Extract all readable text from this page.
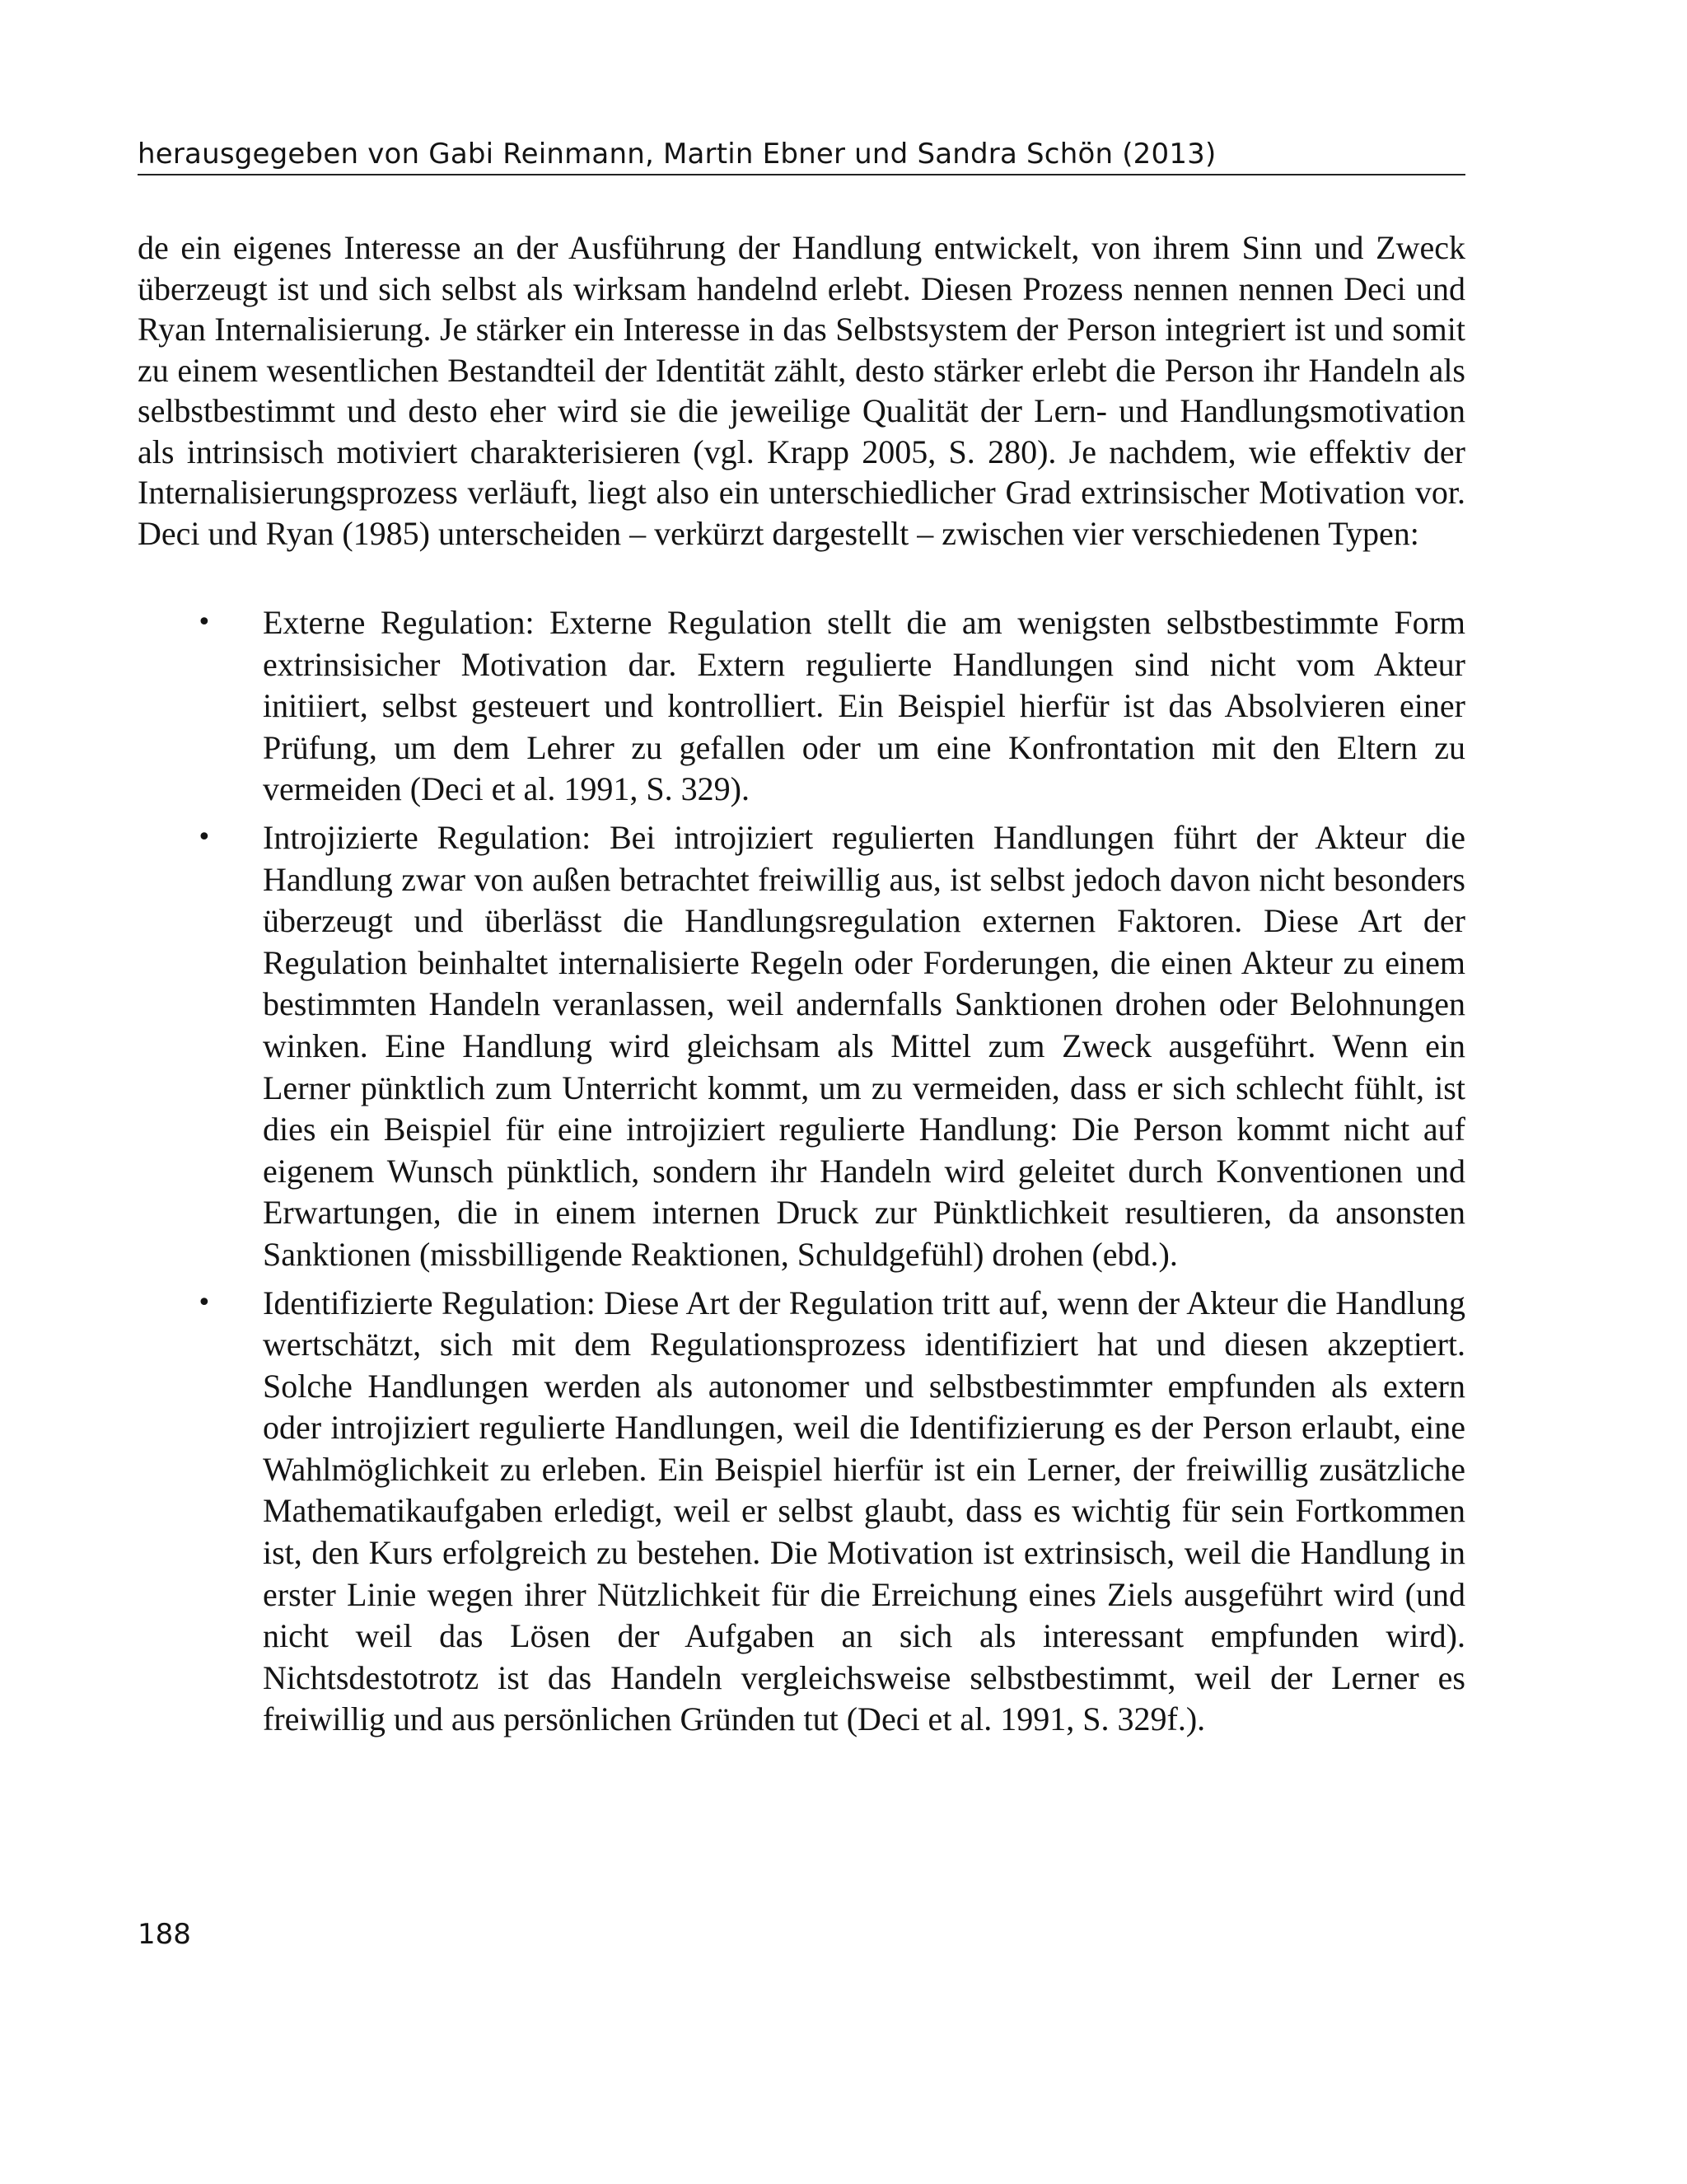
herausgegeben von Gabi Reinmann, Martin Ebner und Sandra Schön (2013)

de ein eigenes Interesse an der Ausführung der Handlung entwickelt, von ihrem Sinn und Zweck überzeugt ist und sich selbst als wirksam handelnd erlebt. Diesen Prozess nennen nennen Deci und Ryan Internalisierung. Je stärker ein Interesse in das Selbstsystem der Person integriert ist und somit zu einem wesentlichen Bestandteil der Identität zählt, desto stärker erlebt die Person ihr Handeln als selbstbestimmt und desto eher wird sie die jeweilige Qualität der Lern- und Handlungsmotivation als intrinsisch motiviert charakterisieren (vgl. Krapp 2005, S. 280). Je nachdem, wie effektiv der Internalisierungsprozess verläuft, liegt also ein unterschiedlicher Grad extrinsischer Motivation vor. Deci und Ryan (1985) unterscheiden – verkürzt dargestellt – zwischen vier verschiedenen Typen:

• Externe Regulation: Externe Regulation stellt die am wenigsten selbstbestimmte Form extrinsisicher Motivation dar. Extern regulierte Handlungen sind nicht vom Akteur initiiert, selbst gesteuert und kontrolliert. Ein Beispiel hierfür ist das Absolvieren einer Prüfung, um dem Lehrer zu gefallen oder um eine Konfrontation mit den Eltern zu vermeiden (Deci et al. 1991, S. 329).
• Introjizierte Regulation: Bei introjiziert regulierten Handlungen führt der Akteur die Handlung zwar von außen betrachtet freiwillig aus, ist selbst jedoch davon nicht besonders überzeugt und überlässt die Handlungsregulation externen Faktoren. Diese Art der Regulation beinhaltet internalisierte Regeln oder Forderungen, die einen Akteur zu einem bestimmten Handeln veranlassen, weil andernfalls Sanktionen drohen oder Belohnungen winken. Eine Handlung wird gleichsam als Mittel zum Zweck ausgeführt. Wenn ein Lerner pünktlich zum Unterricht kommt, um zu vermeiden, dass er sich schlecht fühlt, ist dies ein Beispiel für eine introjiziert regulierte Handlung: Die Person kommt nicht auf eigenem Wunsch pünktlich, sondern ihr Handeln wird geleitet durch Konventionen und Erwartungen, die in einem internen Druck zur Pünktlichkeit resultieren, da ansonsten Sanktionen (missbilligende Reaktionen, Schuldgefühl) drohen (ebd.).
• Identifizierte Regulation: Diese Art der Regulation tritt auf, wenn der Akteur die Handlung wertschätzt, sich mit dem Regulationsprozess identifiziert hat und diesen akzeptiert. Solche Handlungen werden als autonomer und selbstbestimmter empfunden als extern oder introjiziert regulierte Handlungen, weil die Identifizierung es der Person erlaubt, eine Wahlmöglichkeit zu erleben. Ein Beispiel hierfür ist ein Lerner, der freiwillig zusätzliche Mathematikaufgaben erledigt, weil er selbst glaubt, dass es wichtig für sein Fortkommen ist, den Kurs erfolgreich zu bestehen. Die Motivation ist extrinsisch, weil die Handlung in erster Linie wegen ihrer Nützlichkeit für die Erreichung eines Ziels ausgeführt wird (und nicht weil das Lösen der Aufgaben an sich als interessant empfunden wird). Nichtsdestotrotz ist das Handeln vergleichsweise selbstbestimmt, weil der Lerner es freiwillig und aus persönlichen Gründen tut (Deci et al. 1991, S. 329f.).
188
